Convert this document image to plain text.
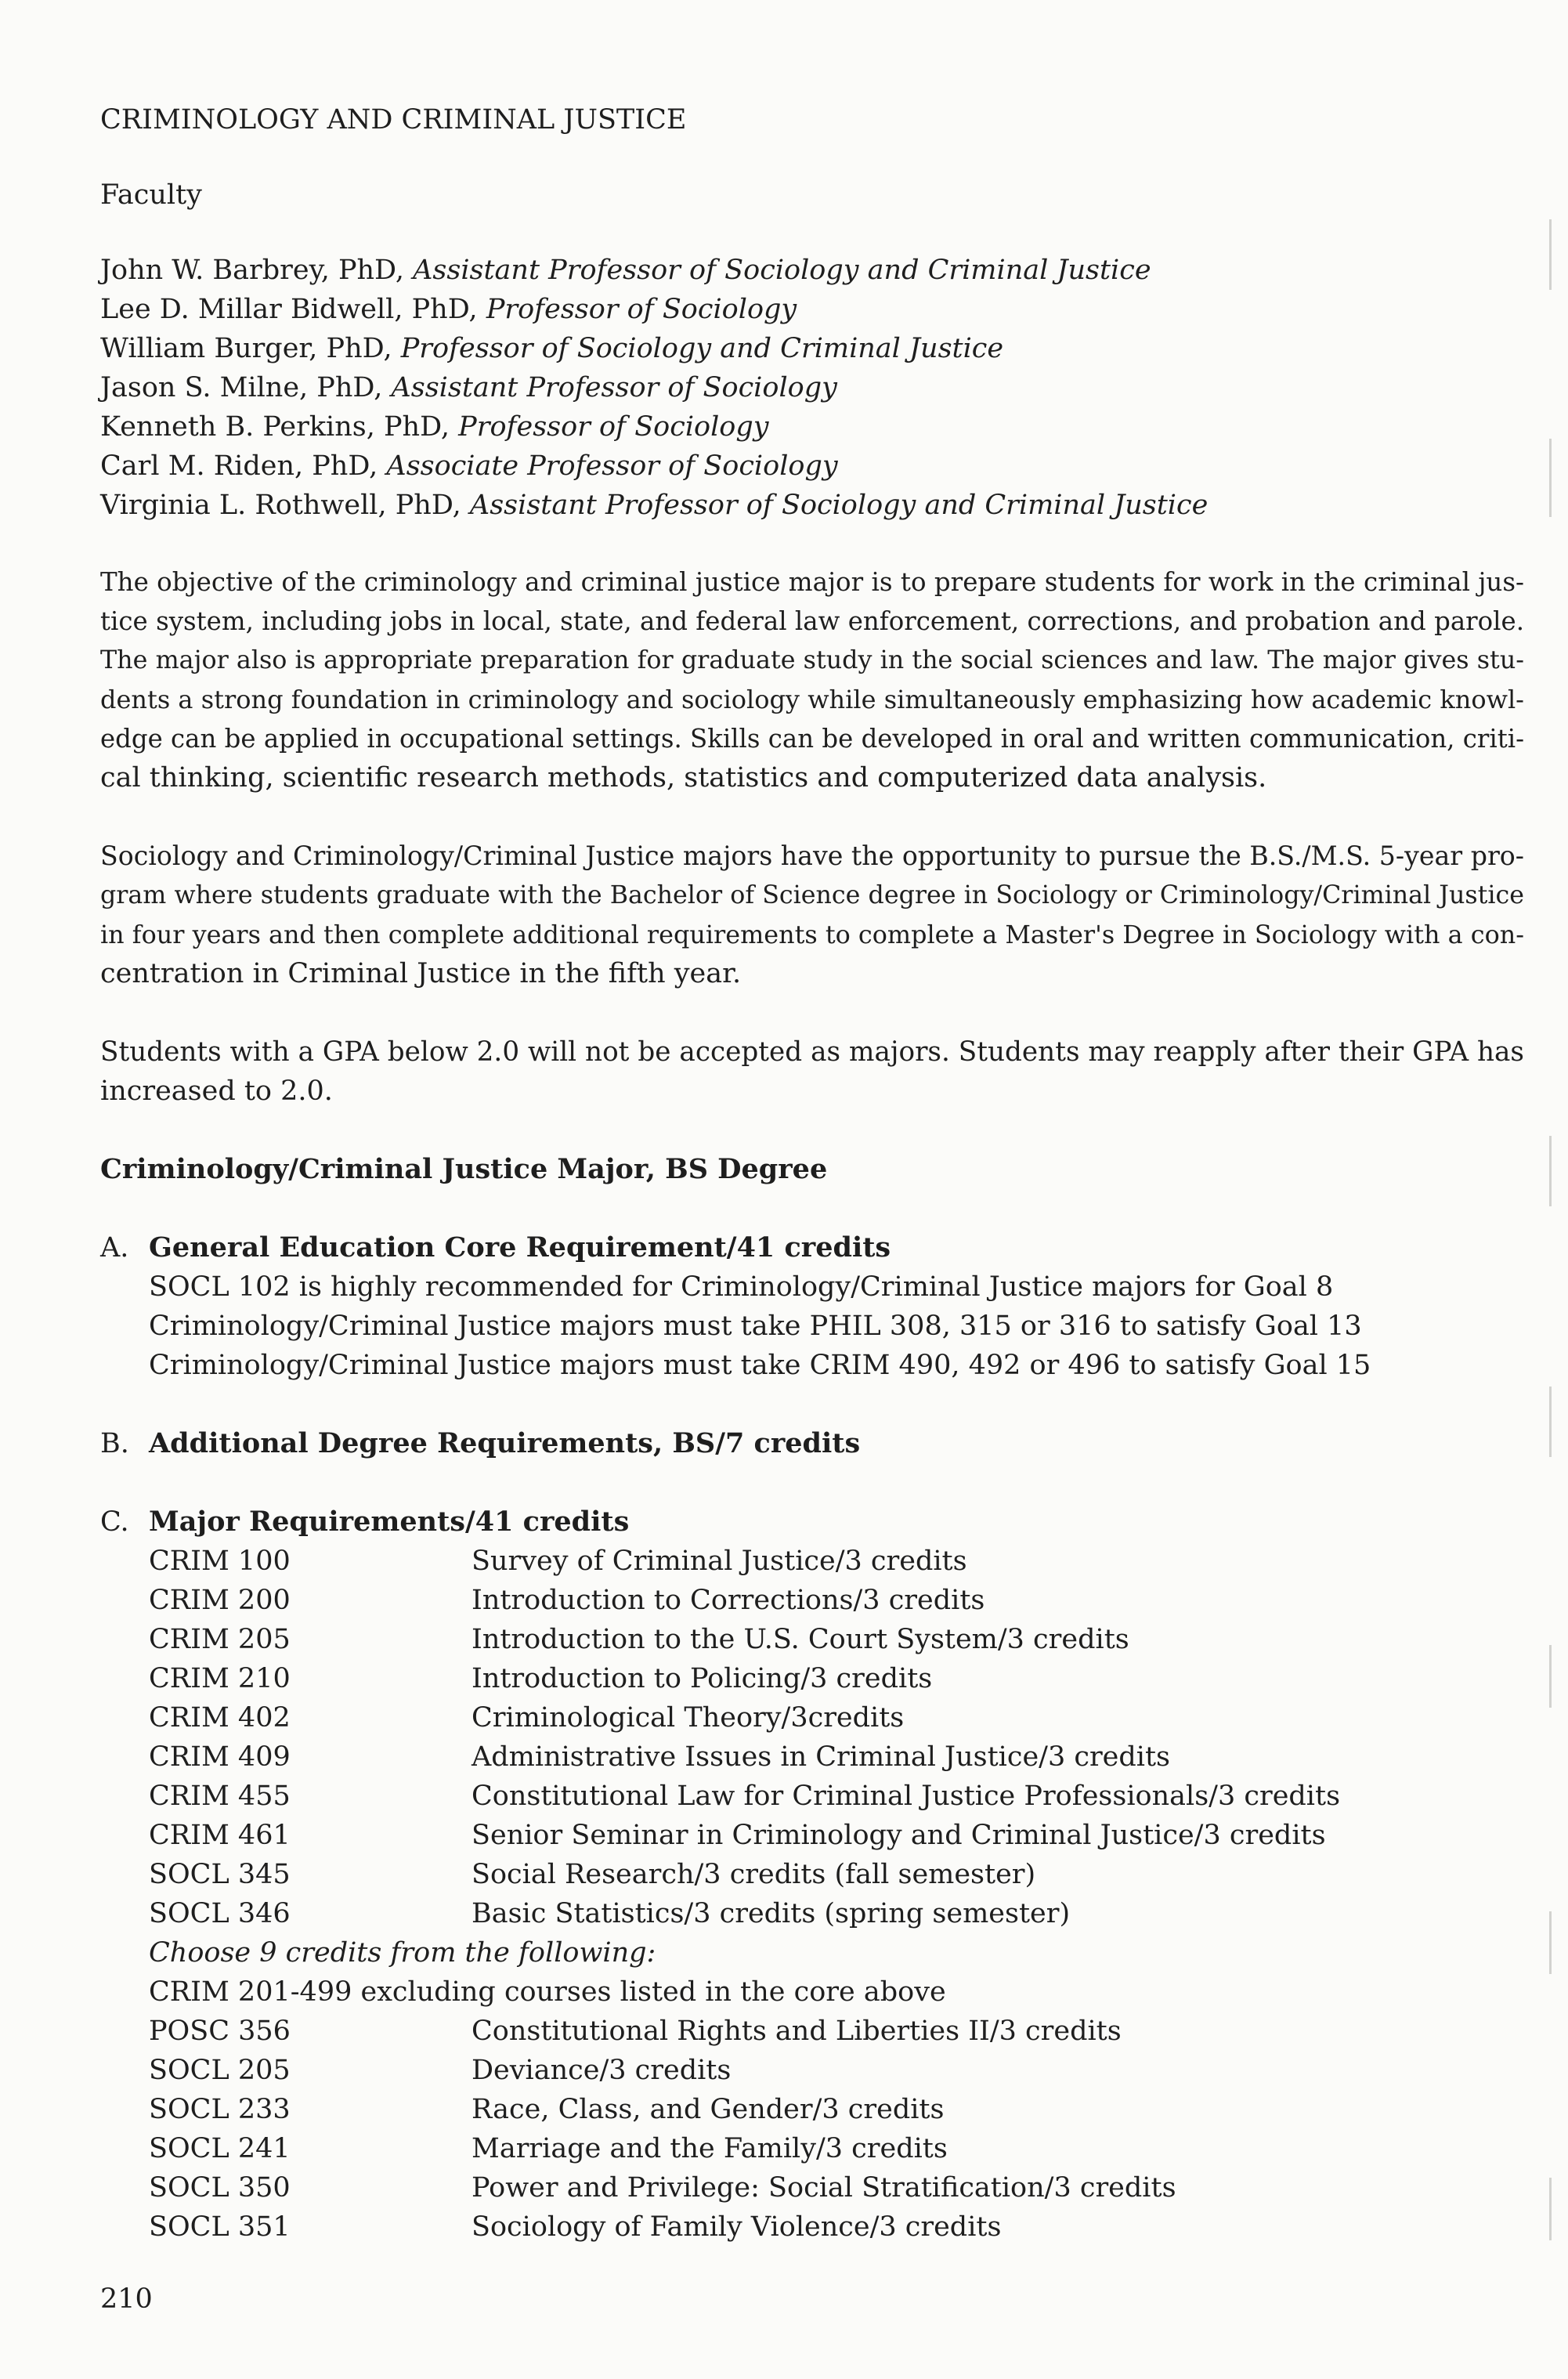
CRIMINOLOGY AND CRIMINAL JUSTICE
Faculty
John W. Barbrey, PhD, Assistant Professor of Sociology and Criminal Justice
Lee D. Millar Bidwell, PhD, Professor of Sociology
William Burger, PhD, Professor of Sociology and Criminal Justice
Jason S. Milne, PhD, Assistant Professor of Sociology
Kenneth B. Perkins, PhD, Professor of Sociology
Carl M. Riden, PhD, Associate Professor of Sociology
Virginia L. Rothwell, PhD, Assistant Professor of Sociology and Criminal Justice
The objective of the criminology and criminal justice major is to prepare students for work in the criminal jus-
tice system, including jobs in local, state, and federal law enforcement, corrections, and probation and parole.
The major also is appropriate preparation for graduate study in the social sciences and law. The major gives stu-
dents a strong foundation in criminology and sociology while simultaneously emphasizing how academic knowl-
edge can be applied in occupational settings. Skills can be developed in oral and written communication, criti-
cal thinking, scientific research methods, statistics and computerized data analysis.
Sociology and Criminology/Criminal Justice majors have the opportunity to pursue the B.S./M.S. 5-year pro-
gram where students graduate with the Bachelor of Science degree in Sociology or Criminology/Criminal Justice
in four years and then complete additional requirements to complete a Master's Degree in Sociology with a con-
centration in Criminal Justice in the fifth year.
Students with a GPA below 2.0 will not be accepted as majors. Students may reapply after their GPA has
increased to 2.0.
Criminology/Criminal Justice Major, BS Degree
A. General Education Core Requirement/41 credits
SOCL 102 is highly recommended for Criminology/Criminal Justice majors for Goal 8
Criminology/Criminal Justice majors must take PHIL 308, 315 or 316 to satisfy Goal 13
Criminology/Criminal Justice majors must take CRIM 490, 492 or 496 to satisfy Goal 15
B. Additional Degree Requirements, BS/7 credits
C. Major Requirements/41 credits
CRIM 100	Survey of Criminal Justice/3 credits
CRIM 200	Introduction to Corrections/3 credits
CRIM 205	Introduction to the U.S. Court System/3 credits
CRIM 210	Introduction to Policing/3 credits
CRIM 402	Criminological Theory/3credits
CRIM 409	Administrative Issues in Criminal Justice/3 credits
CRIM 455	Constitutional Law for Criminal Justice Professionals/3 credits
CRIM 461	Senior Seminar in Criminology and Criminal Justice/3 credits
SOCL 345	Social Research/3 credits (fall semester)
SOCL 346	Basic Statistics/3 credits (spring semester)
Choose 9 credits from the following:
CRIM 201-499 excluding courses listed in the core above
POSC 356	Constitutional Rights and Liberties II/3 credits
SOCL 205	Deviance/3 credits
SOCL 233	Race, Class, and Gender/3 credits
SOCL 241	Marriage and the Family/3 credits
SOCL 350	Power and Privilege: Social Stratification/3 credits
SOCL 351	Sociology of Family Violence/3 credits
210
